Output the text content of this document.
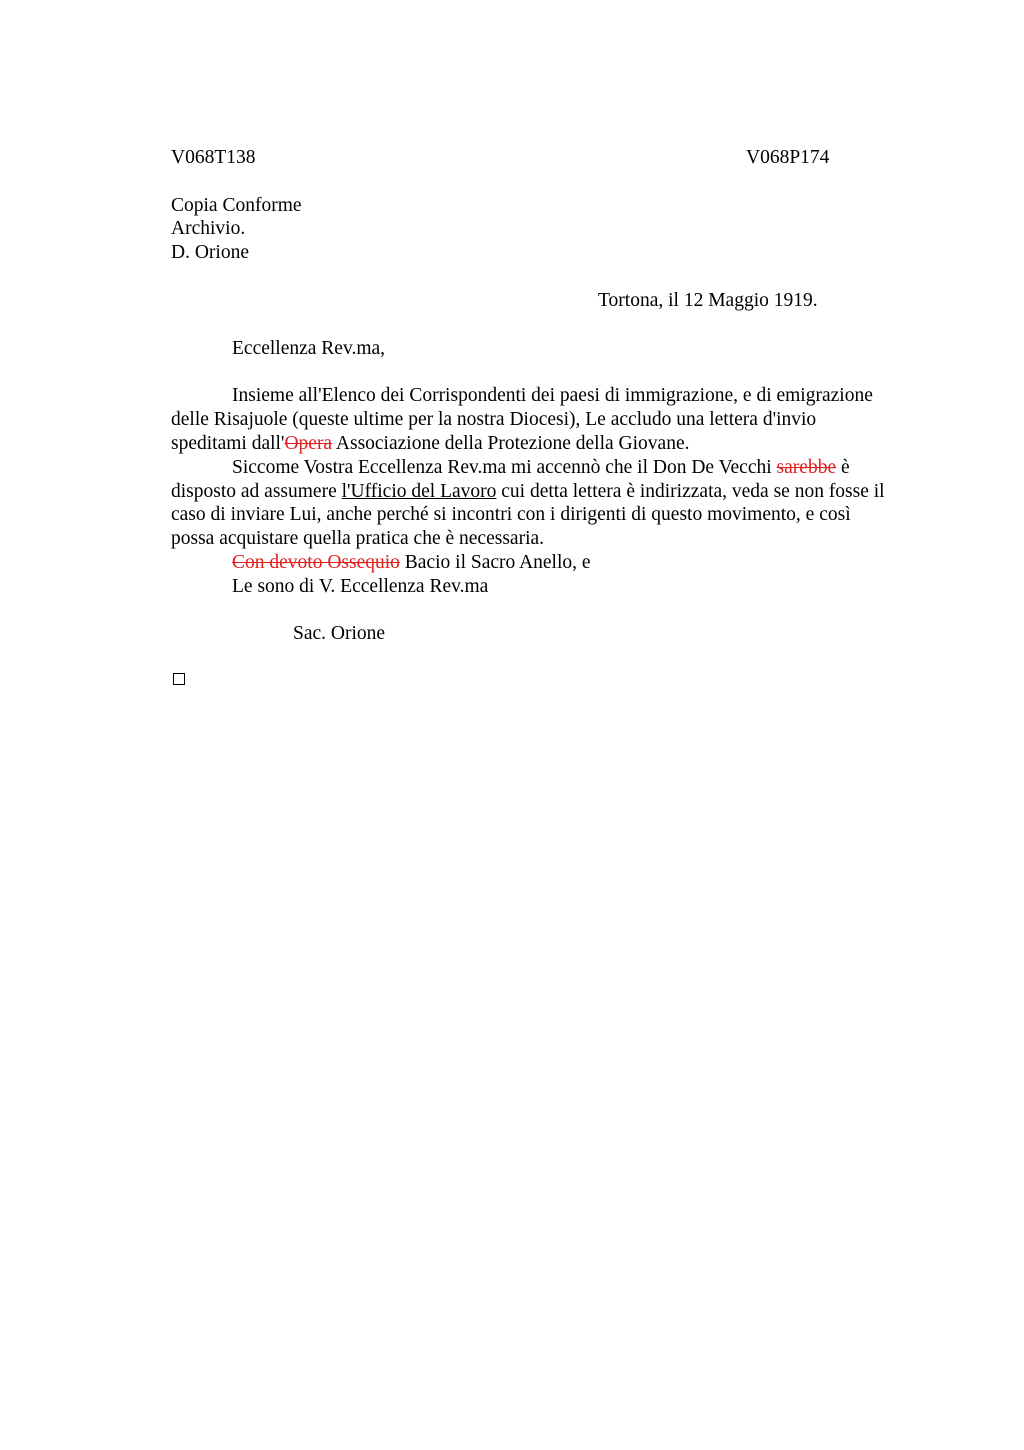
V068T138	V068P174
Copia Conforme
Archivio.
D. Orione
Tortona, il 12 Maggio 1919.
Eccellenza Rev.ma,
Insieme all'Elenco dei Corrispondenti dei paesi di immigrazione, e di emigrazione
delle Risajuole (queste ultime per la nostra Diocesi), Le accludo una lettera d'invio
speditami dall'Opera Associazione della Protezione della Giovane.
Siccome Vostra Eccellenza Rev.ma mi accennò che il Don De Vecchi sarebbe è
disposto ad assumere l'Ufficio del Lavoro cui detta lettera è indirizzata, veda se non fosse il
caso di inviare Lui, anche perché si incontri con i dirigenti di questo movimento, e così
possa acquistare quella pratica che è necessaria.
Con devoto Ossequio Bacio il Sacro Anello, e
Le sono di V. Eccellenza Rev.ma
Sac. Orione
